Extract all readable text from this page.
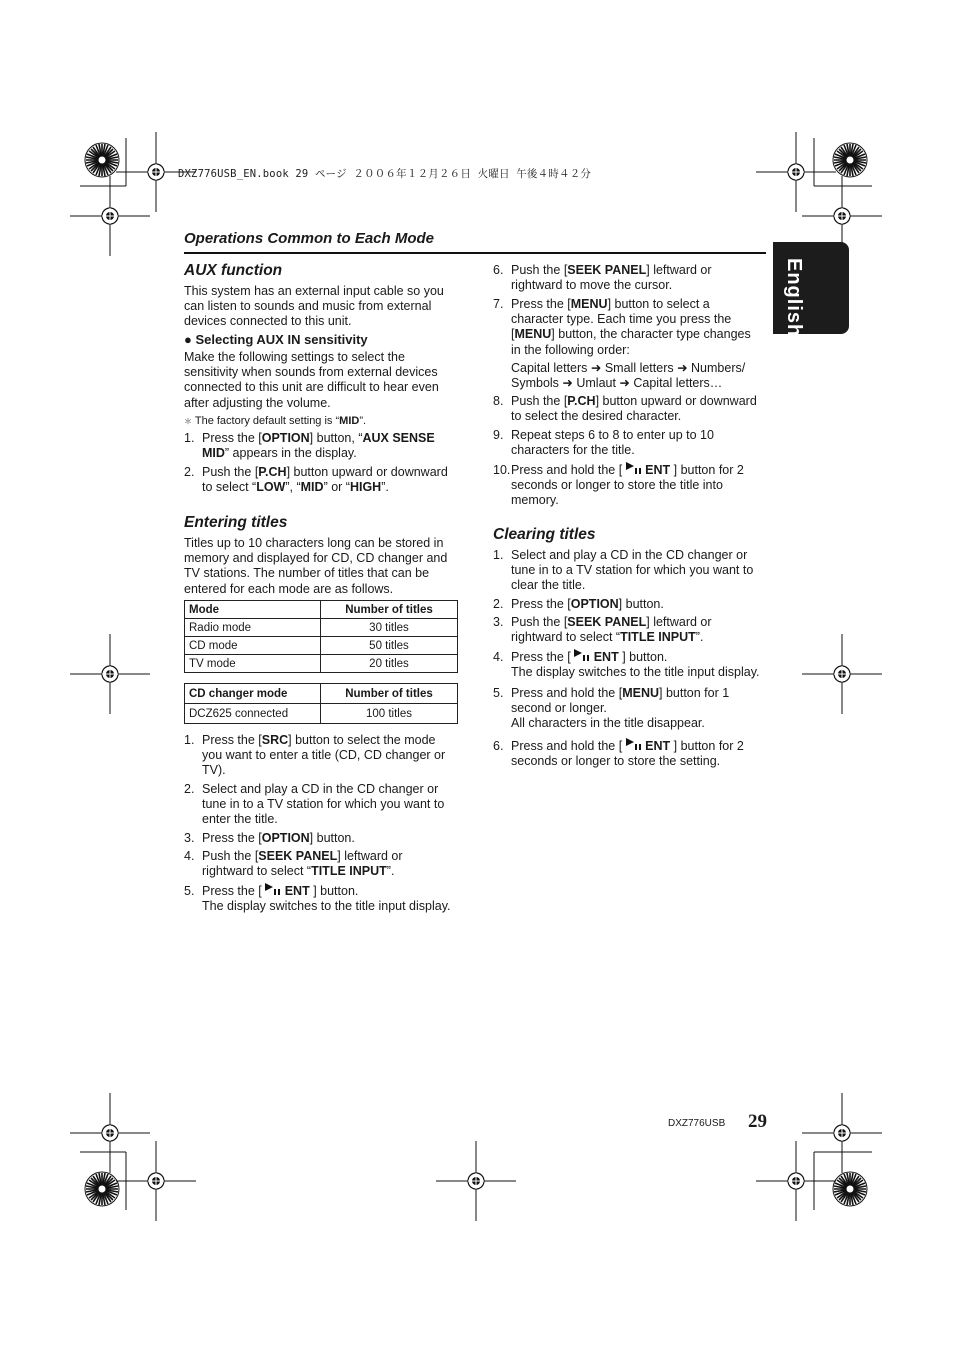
DXZ776USB_EN.book 29 ページ ２００６年１２月２６日 火曜日 午後４時４２分
Operations Common to Each Mode
English
AUX function
This system has an external input cable so you
can listen to sounds and music from external
devices connected to this unit.
● Selecting AUX IN sensitivity
Make the following settings to select the
sensitivity when sounds from external devices
connected to this unit are difficult to hear even
after adjusting the volume.
＊ The factory default setting is “MID”.
1. Press the [OPTION] button, “AUX SENSE
MID” appears in the display.
2. Push the [P.CH] button upward or downward
to select “LOW”, “MID” or “HIGH”.
Entering titles
Titles up to 10 characters long can be stored in
memory and displayed for CD, CD changer and
TV stations. The number of titles that can be
entered for each mode are as follows.
Mode	Number of titles
Radio mode	30 titles
CD mode	50 titles
TV mode	20 titles
CD changer mode	Number of titles
DCZ625 connected	100 titles
1. Press the [SRC] button to select the mode
you want to enter a title (CD, CD changer or
TV).
2. Select and play a CD in the CD changer or
tune in to a TV station for which you want to
enter the title.
3. Press the [OPTION] button.
4. Push the [SEEK PANEL] leftward or
rightward to select “TITLE INPUT”.
5. Press the [ ENT ] button.
The display switches to the title input display.
6. Push the [SEEK PANEL] leftward or
rightward to move the cursor.
7. Press the [MENU] button to select a
character type. Each time you press the
[MENU] button, the character type changes
in the following order:
Capital letters ➜ Small letters ➜ Numbers/
Symbols ➜ Umlaut ➜ Capital letters…
8. Push the [P.CH] button upward or downward
to select the desired character.
9. Repeat steps 6 to 8 to enter up to 10
characters for the title.
10.Press and hold the [ ENT ] button for 2
seconds or longer to store the title into
memory.
Clearing titles
1. Select and play a CD in the CD changer or
tune in to a TV station for which you want to
clear the title.
2. Press the [OPTION] button.
3. Push the [SEEK PANEL] leftward or
rightward to select “TITLE INPUT”.
4. Press the [ ENT ] button.
The display switches to the title input display.
5. Press and hold the [MENU] button for 1
second or longer.
All characters in the title disappear.
6. Press and hold the [ ENT ] button for 2
seconds or longer to store the setting.
DXZ776USB 29
